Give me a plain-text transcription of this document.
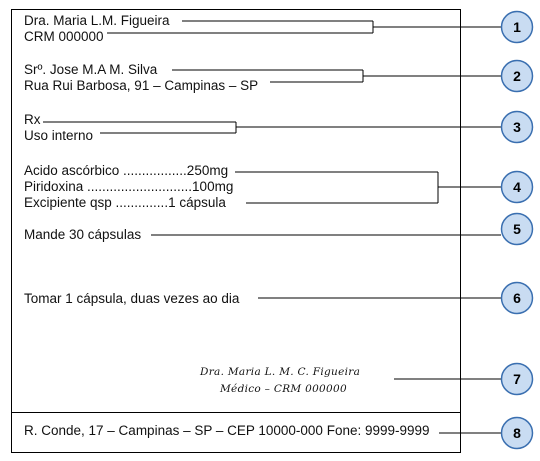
1
2
3
4
5
6
7
8
Dra. Maria L.M. Figueira
CRM 000000
Srº. Jose M.A M. Silva
Rua Rui Barbosa, 91 – Campinas – SP
Rx
Uso interno
Acido ascórbico .................250mg
Piridoxina ............................100mg
Excipiente qsp ..............1 cápsula
Mande 30 cápsulas
Tomar 1 cápsula, duas vezes ao dia
Dra. Maria L. M. C. Figueira
Médico – CRM 000000
R. Conde, 17 – Campinas – SP – CEP 10000-000 Fone: 9999-9999
